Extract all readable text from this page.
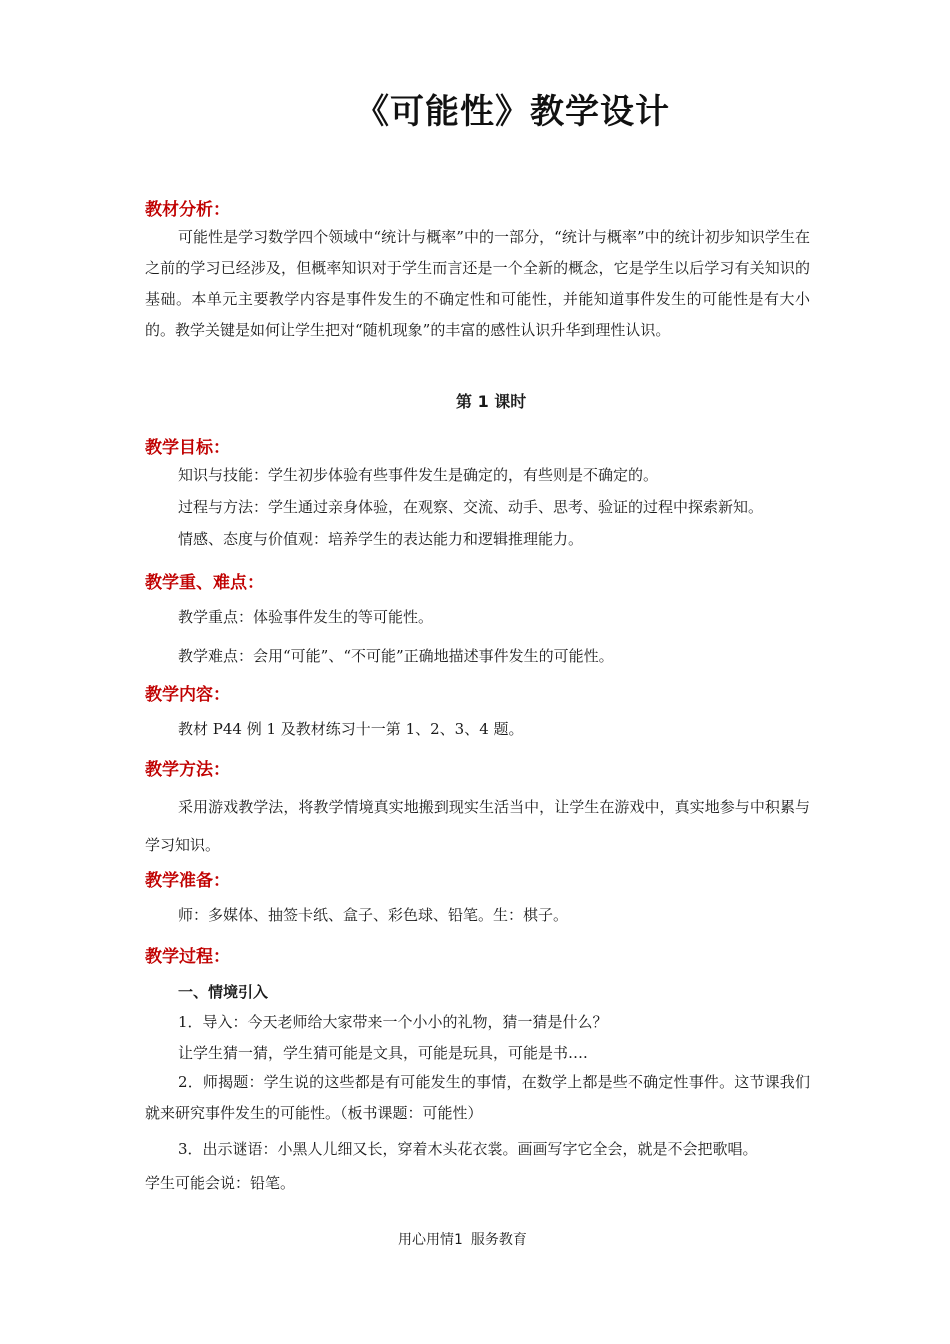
《可能性》教学设计
教材分析：
可能性是学习数学四个领域中“统计与概率”中的一部分，“统计与概率”中的统计初步知识学生在之前的学习已经涉及，但概率知识对于学生而言还是一个全新的概念，它是学生以后学习有关知识的基础。本单元主要教学内容是事件发生的不确定性和可能性，并能知道事件发生的可能性是有大小的。教学关键是如何让学生把对“随机现象”的丰富的感性认识升华到理性认识。
第 1 课时
教学目标：
知识与技能：学生初步体验有些事件发生是确定的，有些则是不确定的。
过程与方法：学生通过亲身体验，在观察、交流、动手、思考、验证的过程中探索新知。
情感、态度与价值观：培养学生的表达能力和逻辑推理能力。
教学重、难点：
教学重点：体验事件发生的等可能性。
教学难点：会用“可能”、“不可能”正确地描述事件发生的可能性。
教学内容：
教材 P44 例 1 及教材练习十一第 1、2、3、4 题。
教学方法：
采用游戏教学法，将教学情境真实地搬到现实生活当中，让学生在游戏中，真实地参与中积累与学习知识。
教学准备：
师：多媒体、抽签卡纸、盒子、彩色球、铅笔。生：棋子。
教学过程：
一、情境引入
1．导入：今天老师给大家带来一个小小的礼物，猜一猜是什么？
让学生猜一猜，学生猜可能是文具，可能是玩具，可能是书….
2．师揭题：学生说的这些都是有可能发生的事情，在数学上都是些不确定性事件。这节课我们就来研究事件发生的可能性。（板书课题：可能性）
3．出示谜语：小黑人儿细又长，穿着木头花衣裳。画画写字它全会，就是不会把歌唱。
学生可能会说：铅笔。
用心用情1 服务教育
